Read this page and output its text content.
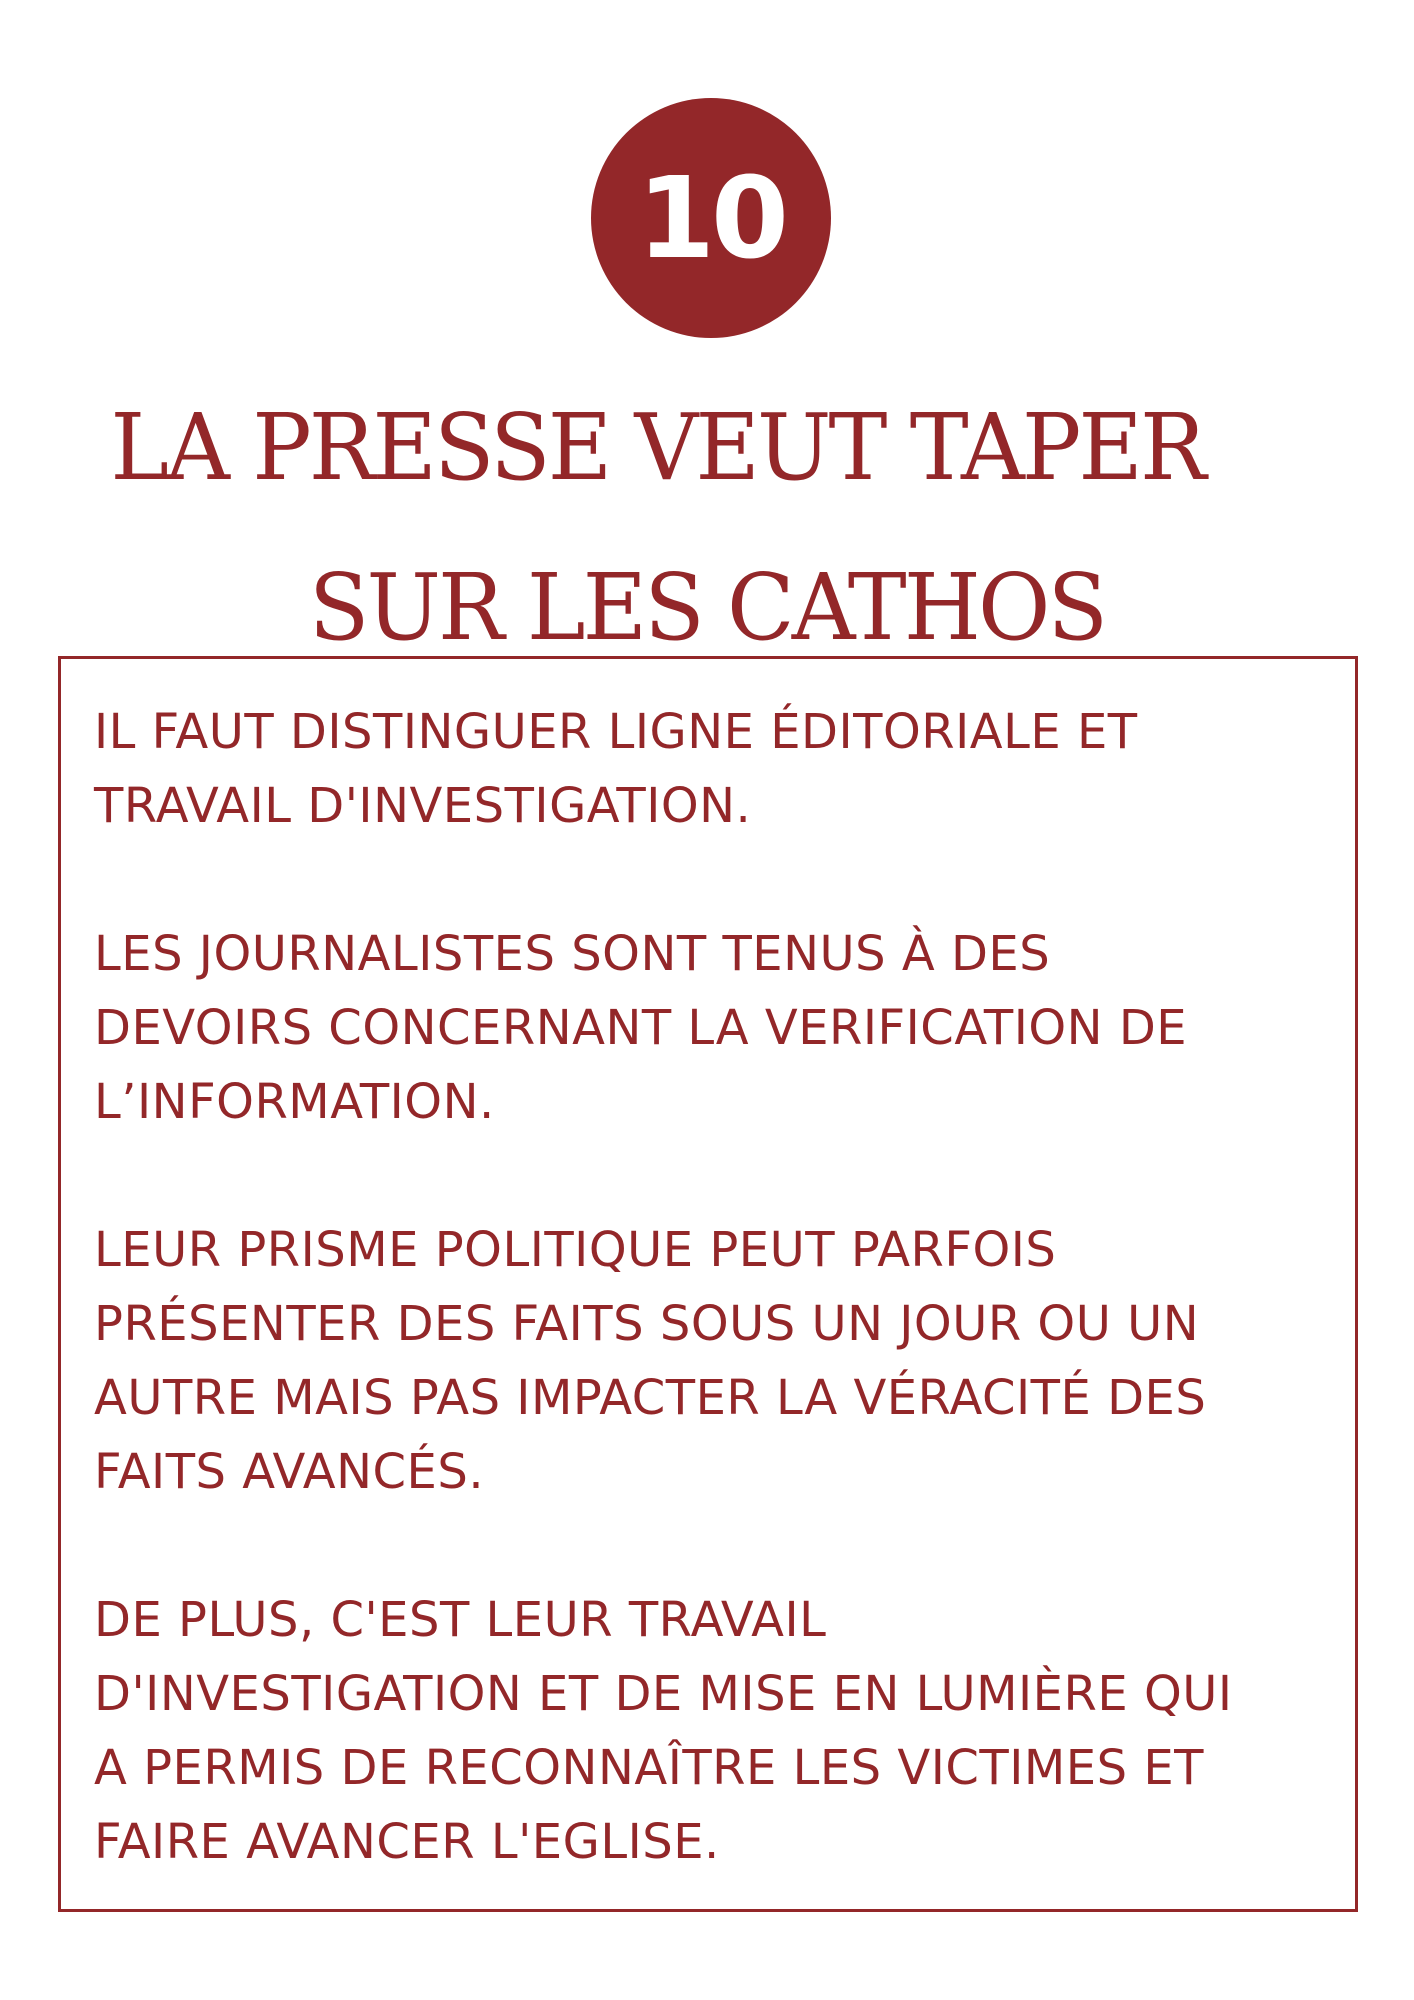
10
LA PRESSE VEUT TAPER
SUR LES CATHOS

IL FAUT DISTINGUER LIGNE ÉDITORIALE ET
TRAVAIL D'INVESTIGATION.

LES JOURNALISTES SONT TENUS À DES
DEVOIRS CONCERNANT LA VERIFICATION DE
L’INFORMATION.

LEUR PRISME POLITIQUE PEUT PARFOIS
PRÉSENTER DES FAITS SOUS UN JOUR OU UN
AUTRE MAIS PAS IMPACTER LA VÉRACITÉ DES
FAITS AVANCÉS.

DE PLUS, C'EST LEUR TRAVAIL
D'INVESTIGATION ET DE MISE EN LUMIÈRE QUI
A PERMIS DE RECONNAÎTRE LES VICTIMES ET
FAIRE AVANCER L'EGLISE.
